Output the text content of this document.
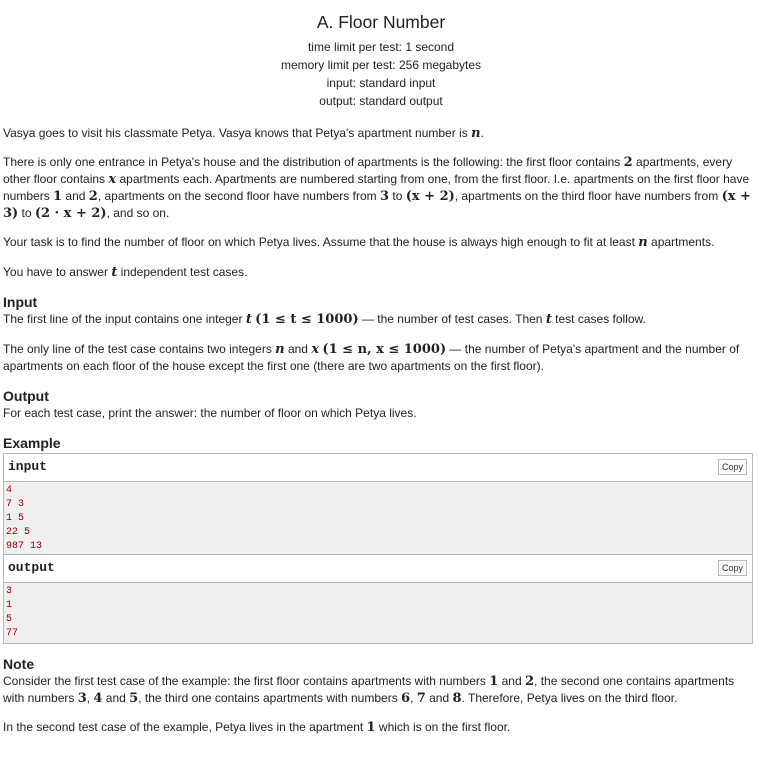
A. Floor Number
time limit per test: 1 second
memory limit per test: 256 megabytes
input: standard input
output: standard output

Vasya goes to visit his classmate Petya. Vasya knows that Petya's apartment number is n.

There is only one entrance in Petya's house and the distribution of apartments is the following: the first floor contains 2 apartments, every other floor contains x apartments each. Apartments are numbered starting from one, from the first floor. I.e. apartments on the first floor have numbers 1 and 2, apartments on the second floor have numbers from 3 to (x + 2), apartments on the third floor have numbers from (x + 3) to (2 · x + 2), and so on.

Your task is to find the number of floor on which Petya lives. Assume that the house is always high enough to fit at least n apartments.

You have to answer t independent test cases.

Input

The first line of the input contains one integer t (1 ≤ t ≤ 1000) — the number of test cases. Then t test cases follow.

The only line of the test case contains two integers n and x (1 ≤ n, x ≤ 1000) — the number of Petya's apartment and the number of apartments on each floor of the house except the first one (there are two apartments on the first floor).

Output

For each test case, print the answer: the number of floor on which Petya lives.

Example
input	Copy
4
7 3
1 5
22 5
987 13
output	Copy
3
1
5
77
Note

Consider the first test case of the example: the first floor contains apartments with numbers 1 and 2, the second one contains apartments with numbers 3, 4 and 5, the third one contains apartments with numbers 6, 7 and 8. Therefore, Petya lives on the third floor.

In the second test case of the example, Petya lives in the apartment 1 which is on the first floor.
